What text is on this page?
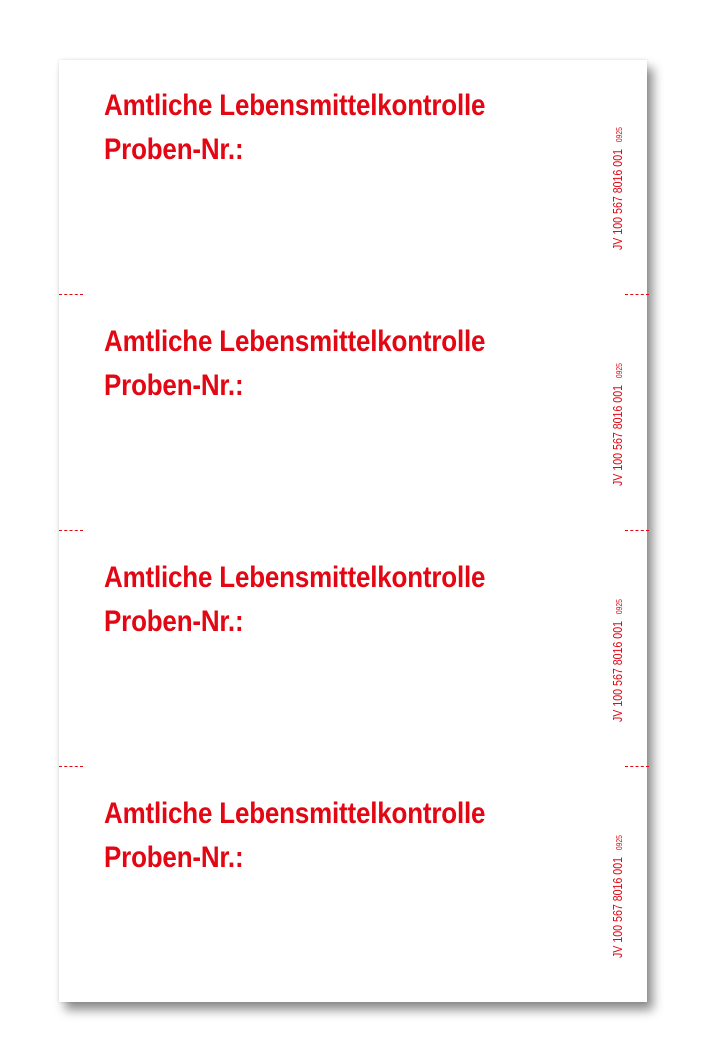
Amtliche Lebensmittelkontrolle
Proben-Nr.:	JV 100 567 8016 0010925
Amtliche Lebensmittelkontrolle
Proben-Nr.:	JV 100 567 8016 0010925
Amtliche Lebensmittelkontrolle
Proben-Nr.:	JV 100 567 8016 0010925
Amtliche Lebensmittelkontrolle
Proben-Nr.:	JV 100 567 8016 0010925
